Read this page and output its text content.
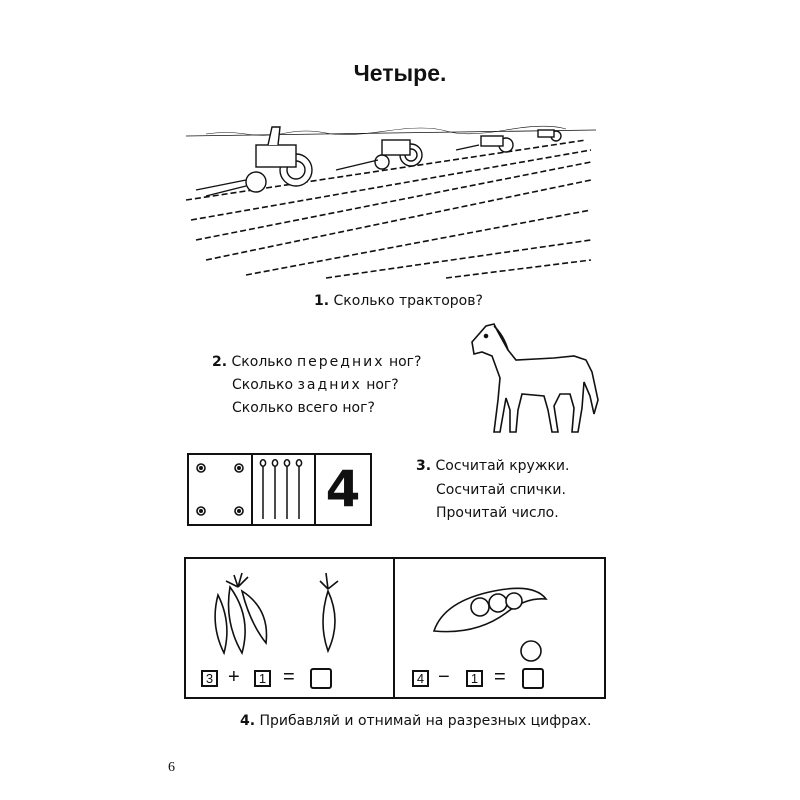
Четыре.
1. Сколько тракторов?
2. Сколько передних ног?
Сколько задних ног?
Сколько всего ног?
4	3. Сосчитай кружки.
Сосчитай спички.
Прочитай число.
3 +	1 =	4 −	1 =
4. Прибавляй и отнимай на разрезных цифрах.
6
